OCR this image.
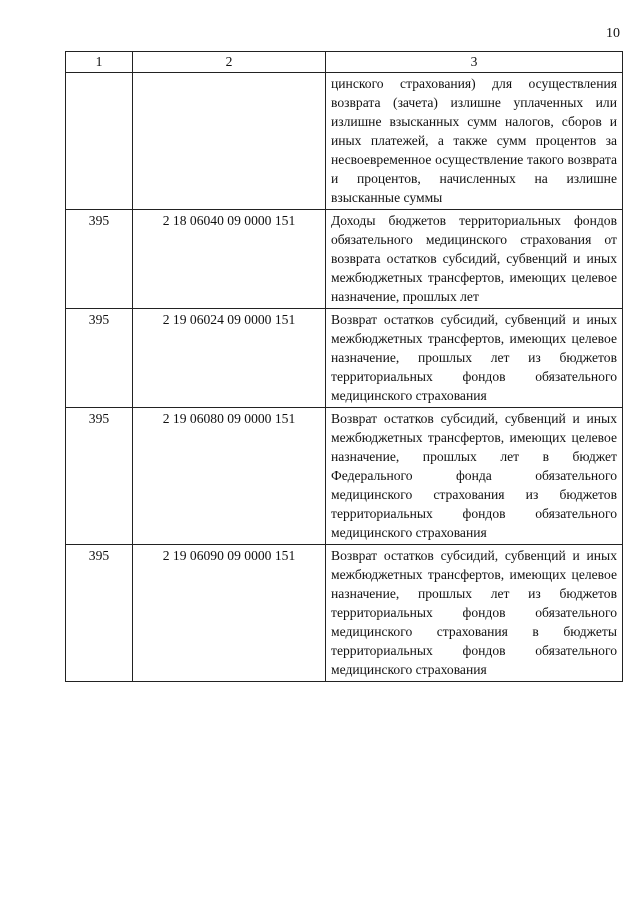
10
1	2	3
		цинского страхования) для осуществления возврата (зачета) излишне уплаченных или излишне взысканных сумм налогов, сборов и иных платежей, а также сумм процентов за несвоевременное осуществление такого возврата и процентов, начисленных на излишне взысканные суммы
395	2 18 06040 09 0000 151	Доходы бюджетов территориальных фондов обязательного медицинского страхования от возврата остатков субсидий, субвенций и иных межбюджетных трансфертов, имеющих целевое назначение, прошлых лет
395	2 19 06024 09 0000 151	Возврат остатков субсидий, субвенций и иных межбюджетных трансфертов, имеющих целевое назначение, прошлых лет из бюджетов территориальных фондов обязательного медицинского страхования
395	2 19 06080 09 0000 151	Возврат остатков субсидий, субвенций и иных межбюджетных трансфертов, имеющих целевое назначение, прошлых лет в бюджет Федерального фонда обязательного медицинского страхования из бюджетов территориальных фондов обязательного медицинского страхования
395	2 19 06090 09 0000 151	Возврат остатков субсидий, субвенций и иных межбюджетных трансфертов, имеющих целевое назначение, прошлых лет из бюджетов территориальных фондов обязательного медицинского страхования в бюджеты территориальных фондов обязательного медицинского страхования
